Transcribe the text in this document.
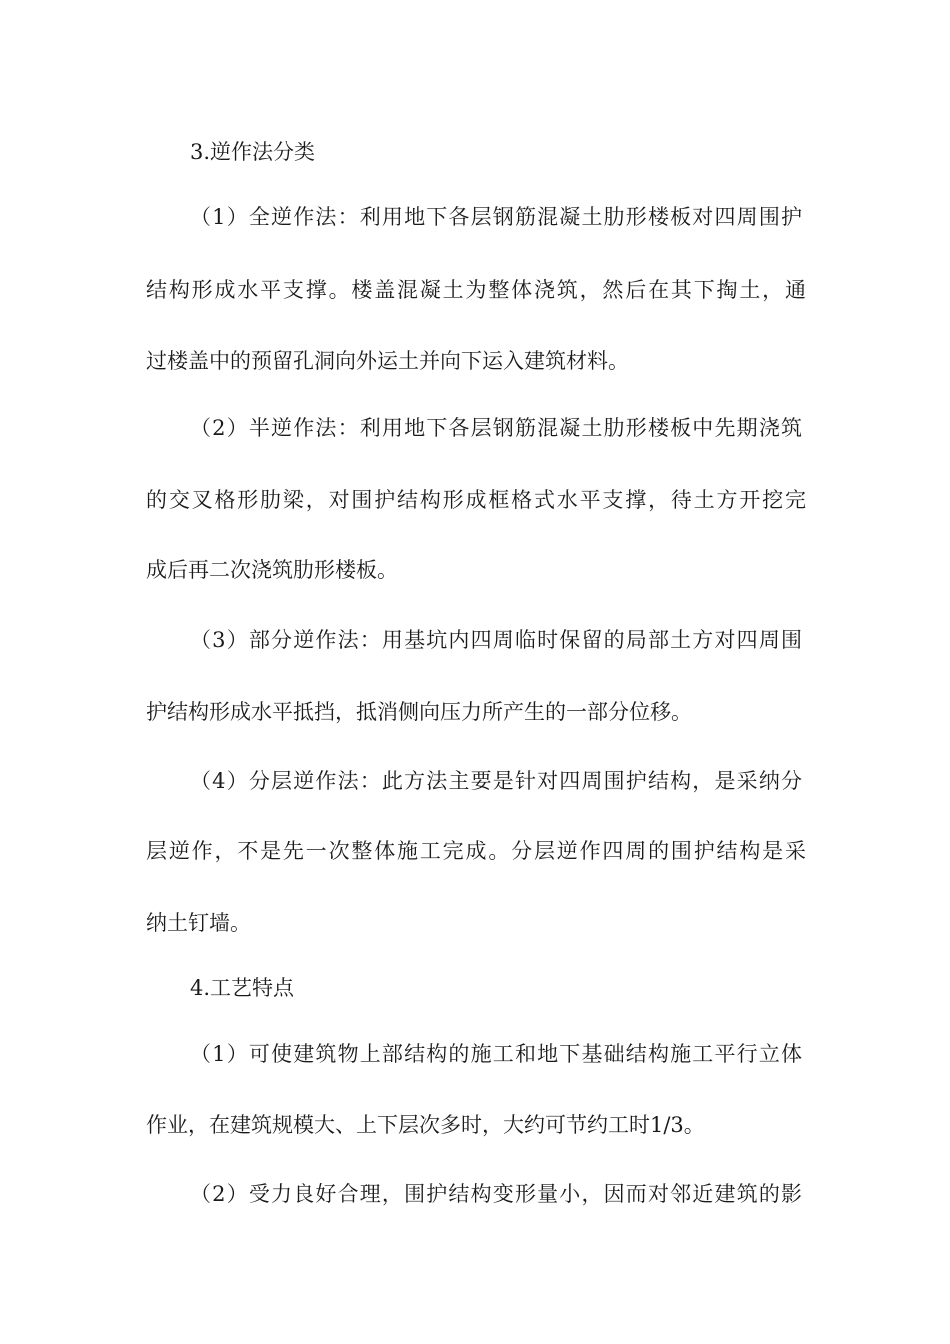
3.逆作法分类
（1）全逆作法：利用地下各层钢筋混凝土肋形楼板对四周围护
结构形成水平支撑。楼盖混凝土为整体浇筑，然后在其下掏土，通
过楼盖中的预留孔洞向外运土并向下运入建筑材料。
（2）半逆作法：利用地下各层钢筋混凝土肋形楼板中先期浇筑
的交叉格形肋梁，对围护结构形成框格式水平支撑，待土方开挖完
成后再二次浇筑肋形楼板。
（3）部分逆作法：用基坑内四周临时保留的局部土方对四周围
护结构形成水平抵挡，抵消侧向压力所产生的一部分位移。
（4）分层逆作法：此方法主要是针对四周围护结构，是采纳分
层逆作，不是先一次整体施工完成。分层逆作四周的围护结构是采
纳土钉墙。
4.工艺特点
（1）可使建筑物上部结构的施工和地下基础结构施工平行立体
作业，在建筑规模大、上下层次多时，大约可节约工时1/3。
（2）受力良好合理，围护结构变形量小，因而对邻近建筑的影
